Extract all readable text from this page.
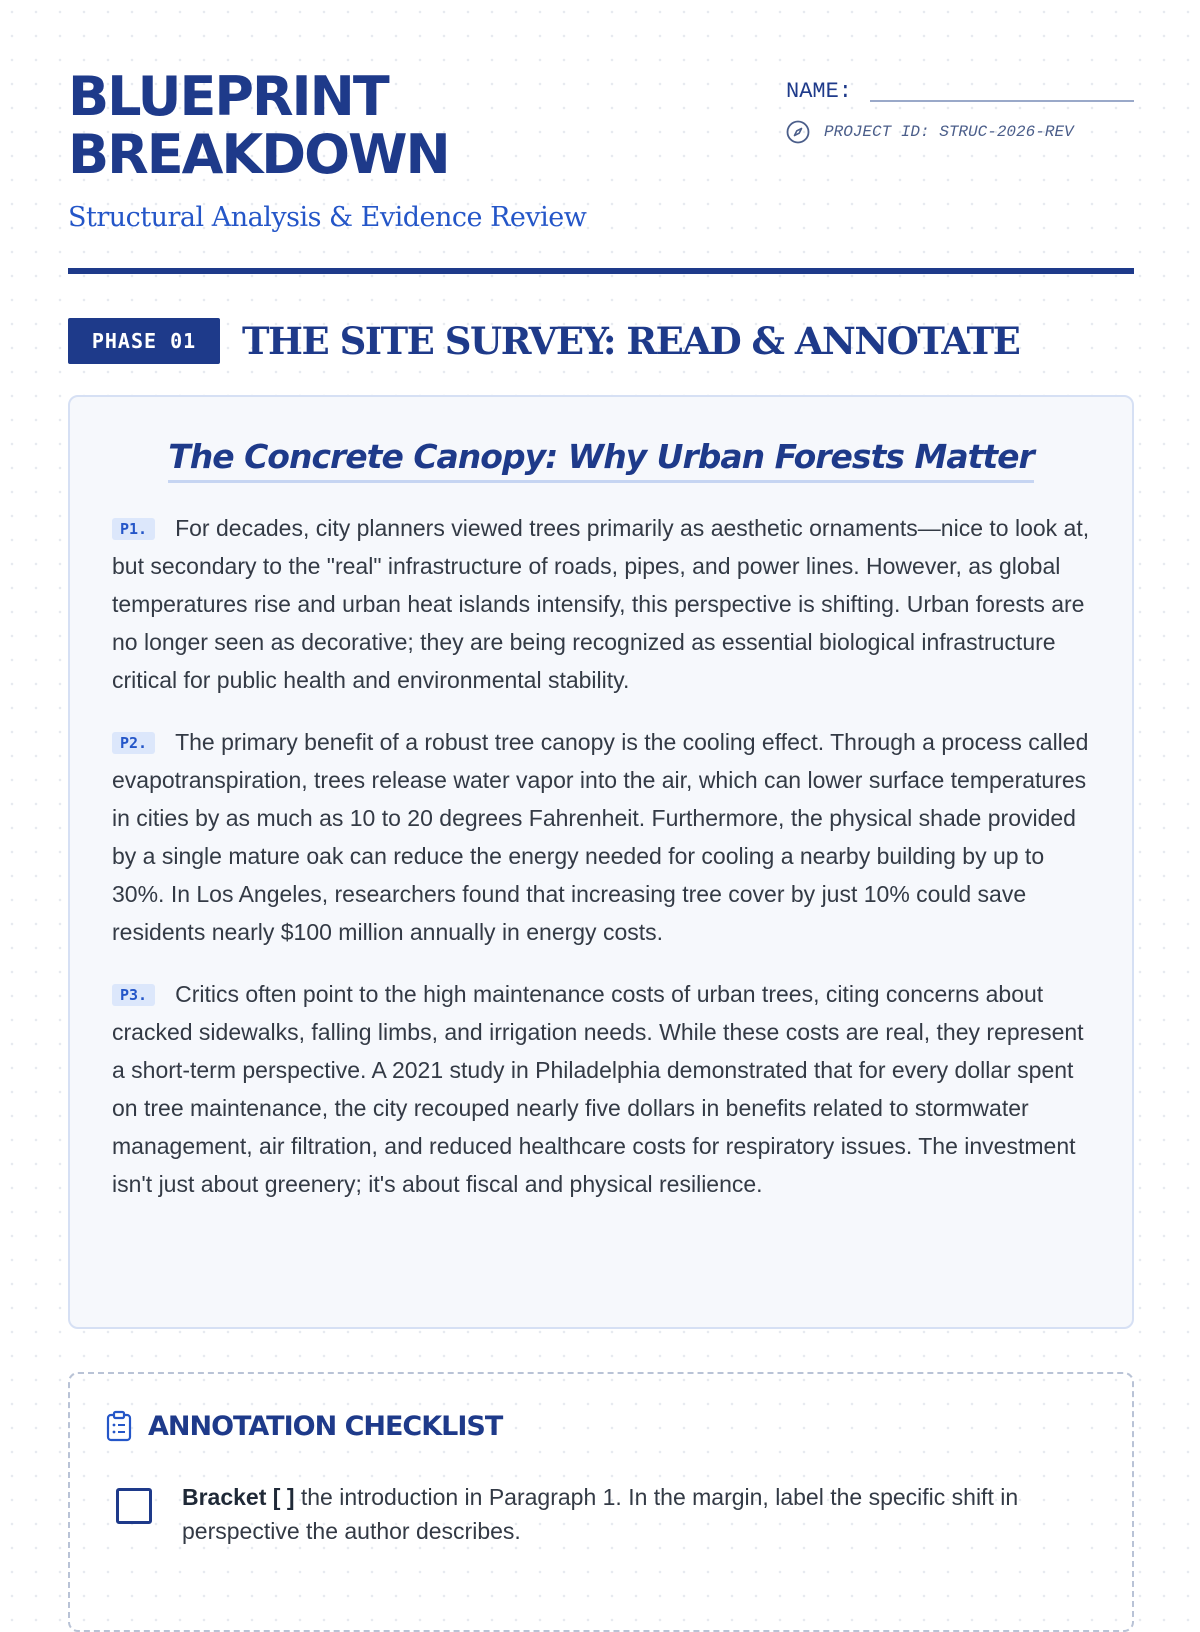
BLUEPRINT
BREAKDOWN
Structural Analysis & Evidence Review
NAME:
PROJECT ID: STRUC-2026-REV
PHASE 01	THE SITE SURVEY: READ & ANNOTATE
The Concrete Canopy: Why Urban Forests Matter

P1. For decades, city planners viewed trees primarily as aesthetic ornaments—nice to look at, but secondary to the "real" infrastructure of roads, pipes, and power lines. However, as global temperatures rise and urban heat islands intensify, this perspective is shifting. Urban forests are no longer seen as decorative; they are being recognized as essential biological infrastructure critical for public health and environmental stability.

P2. The primary benefit of a robust tree canopy is the cooling effect. Through a process called evapotranspiration, trees release water vapor into the air, which can lower surface temperatures in cities by as much as 10 to 20 degrees Fahrenheit. Furthermore, the physical shade provided by a single mature oak can reduce the energy needed for cooling a nearby building by up to 30%. In Los Angeles, researchers found that increasing tree cover by just 10% could save residents nearly $100 million annually in energy costs.

P3. Critics often point to the high maintenance costs of urban trees, citing concerns about cracked sidewalks, falling limbs, and irrigation needs. While these costs are real, they represent a short-term perspective. A 2021 study in Philadelphia demonstrated that for every dollar spent on tree maintenance, the city recouped nearly five dollars in benefits related to stormwater management, air filtration, and reduced healthcare costs for respiratory issues. The investment isn't just about greenery; it's about fiscal and physical resilience.

ANNOTATION CHECKLIST
Bracket [ ] the introduction in Paragraph 1. In the margin, label the specific shift in perspective the author describes.
